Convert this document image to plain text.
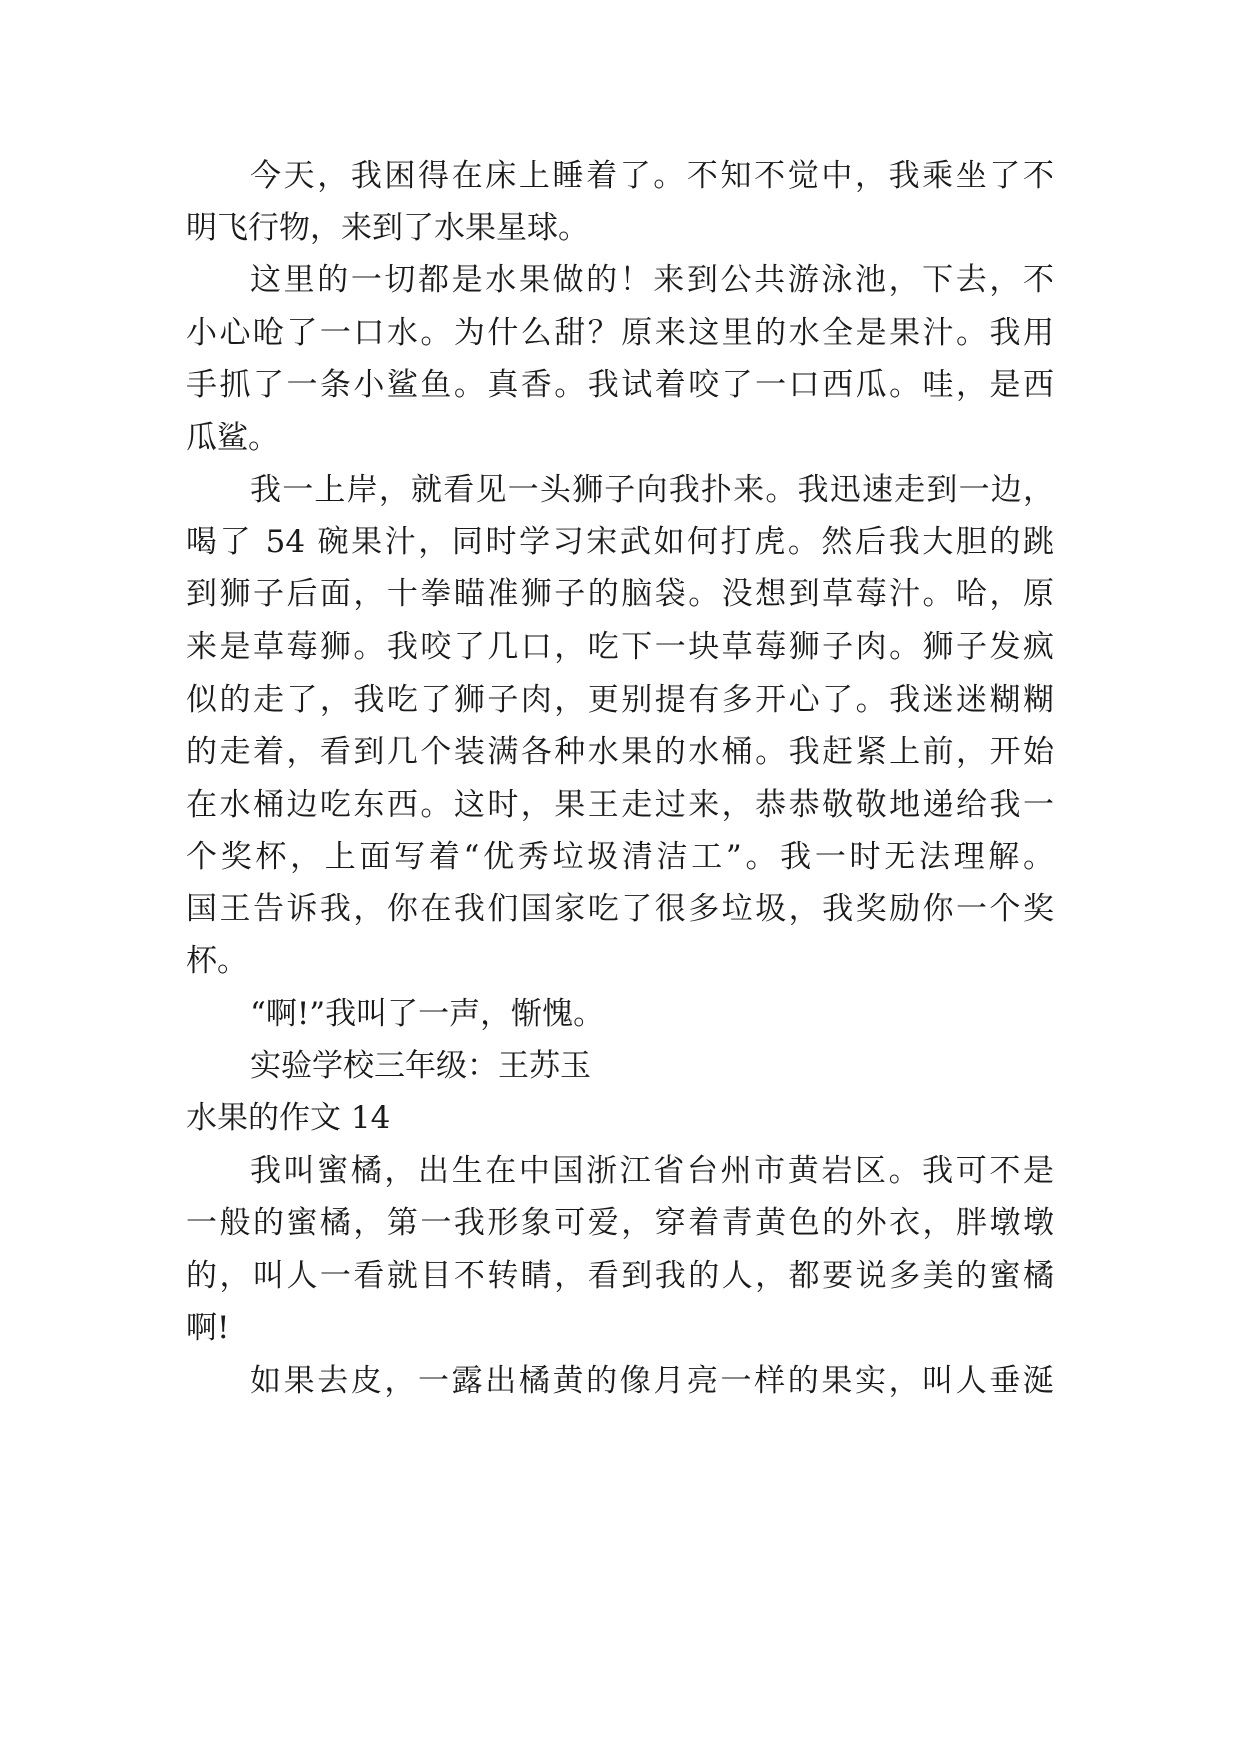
今天，我困得在床上睡着了。不知不觉中，我乘坐了不
明飞行物，来到了水果星球。
这里的一切都是水果做的！来到公共游泳池，下去，不
小心呛了一口水。为什么甜？原来这里的水全是果汁。我用
手抓了一条小鲨鱼。真香。我试着咬了一口西瓜。哇，是西
瓜鲨。
我一上岸，就看见一头狮子向我扑来。我迅速走到一边，
喝了 54 碗果汁，同时学习宋武如何打虎。然后我大胆的跳
到狮子后面，十拳瞄准狮子的脑袋。没想到草莓汁。哈，原
来是草莓狮。我咬了几口，吃下一块草莓狮子肉。狮子发疯
似的走了，我吃了狮子肉，更别提有多开心了。我迷迷糊糊
的走着，看到几个装满各种水果的水桶。我赶紧上前，开始
在水桶边吃东西。这时，果王走过来，恭恭敬敬地递给我一
个奖杯，上面写着“优秀垃圾清洁工”。我一时无法理解。
国王告诉我，你在我们国家吃了很多垃圾，我奖励你一个奖
杯。
“啊!”我叫了一声，惭愧。
实验学校三年级：王苏玉
水果的作文 14
我叫蜜橘，出生在中国浙江省台州市黄岩区。我可不是
一般的蜜橘，第一我形象可爱，穿着青黄色的外衣，胖墩墩
的，叫人一看就目不转睛，看到我的人，都要说多美的蜜橘
啊!
如果去皮，一露出橘黄的像月亮一样的果实，叫人垂涎
